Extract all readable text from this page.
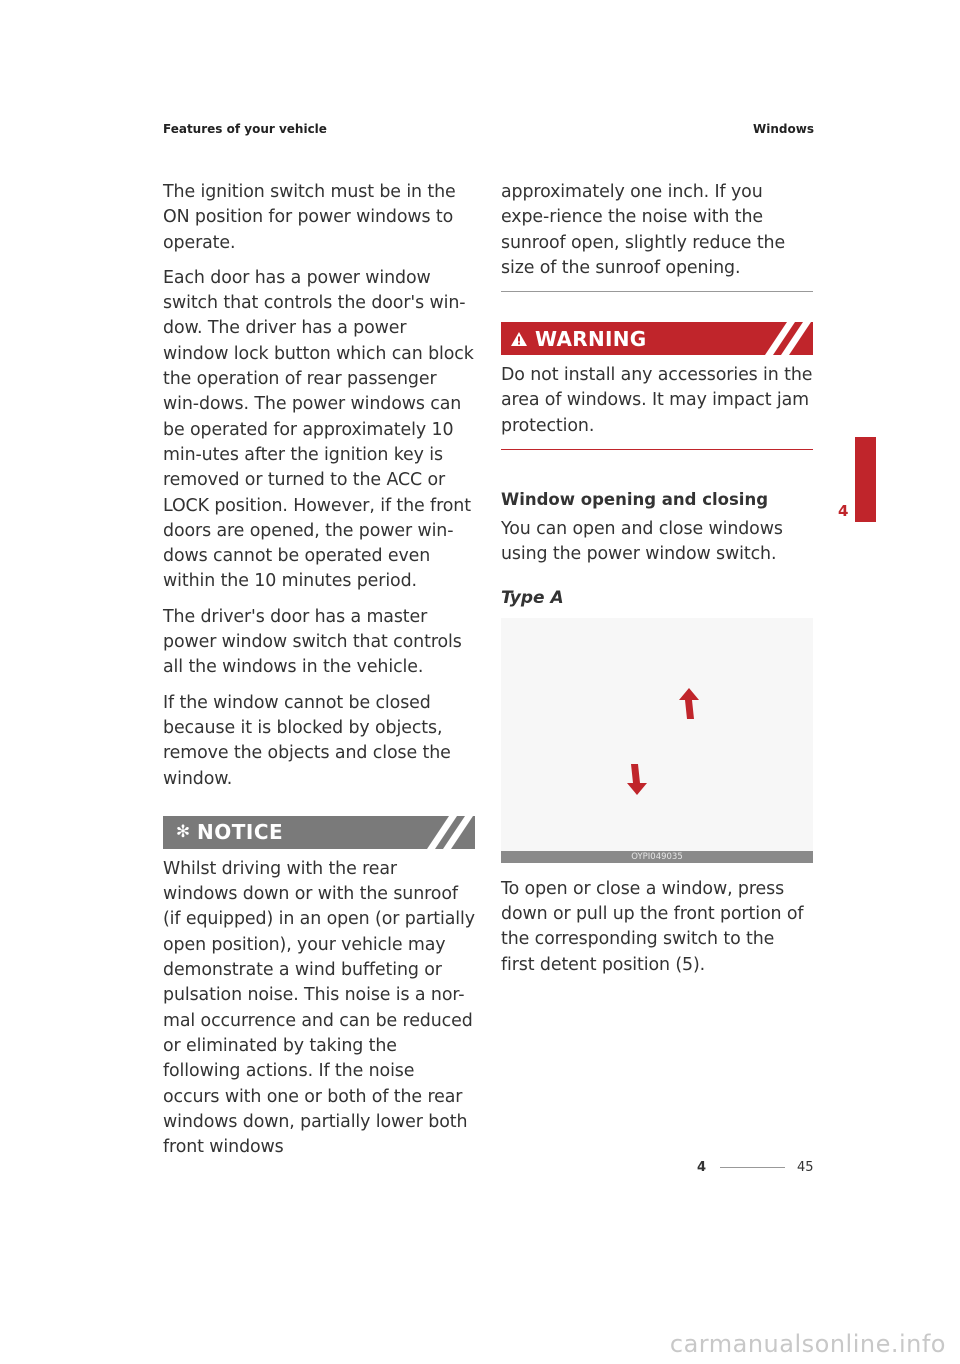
Features of your vehicle	Windows

The ignition switch must be in the ON position for power windows to operate.

Each door has a power window switch that controls the door's win-dow. The driver has a power window lock button which can block the operation of rear passenger win-dows. The power windows can be operated for approximately 10 min-utes after the ignition key is removed or turned to the ACC or LOCK position. However, if the front doors are opened, the power win-dows cannot be operated even within the 10 minutes period.

The driver's door has a master power window switch that controls all the windows in the vehicle.

If the window cannot be closed because it is blocked by objects, remove the objects and close the window.

✻ NOTICE

Whilst driving with the rear windows down or with the sunroof (if equipped) in an open (or partially open position), your vehicle may demonstrate a wind buffeting or pulsation noise. This noise is a nor-mal occurrence and can be reduced or eliminated by taking the following actions. If the noise occurs with one or both of the rear windows down, partially lower both front windows

approximately one inch. If you expe-rience the noise with the sunroof open, slightly reduce the size of the sunroof opening.

WARNING

Do not install any accessories in the area of windows. It may impact jam protection.

Window opening and closing

You can open and close windows using the power window switch.

Type A
OYPI049035

To open or close a window, press down or pull up the front portion of the corresponding switch to the first detent position (5).

4
4	45
carmanualsonline.info
